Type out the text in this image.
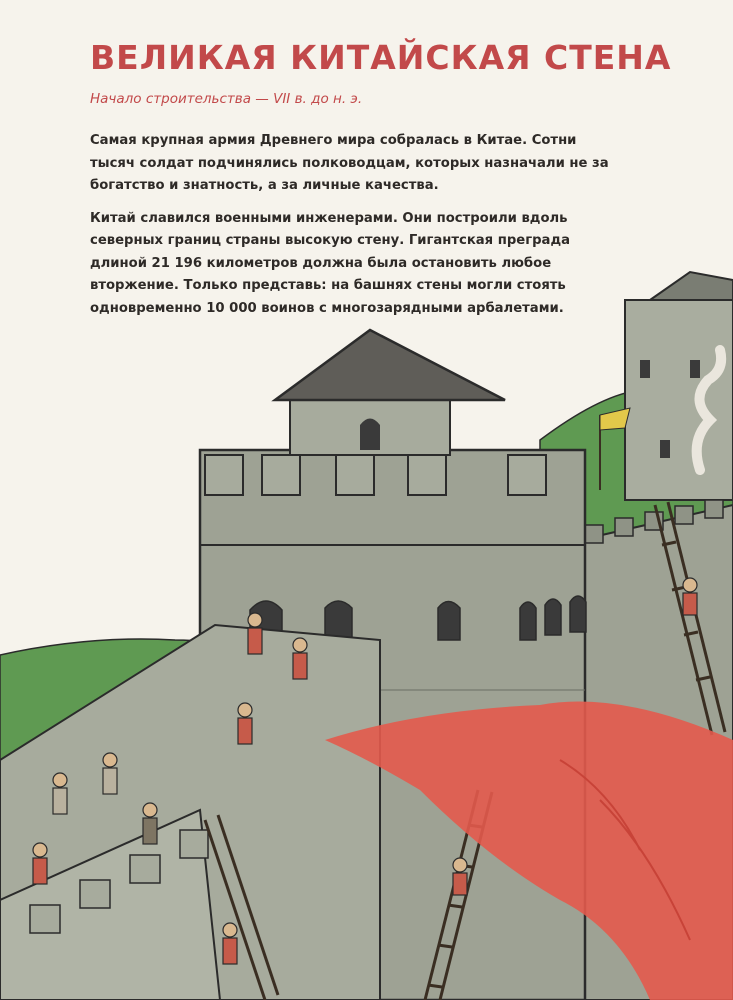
ВЕЛИКАЯ КИТАЙСКАЯ СТЕНА

Начало строительства — VII в. до н. э.

Самая крупная армия Древнего мира собралась в Китае. Сотни тысяч солдат подчинялись полководцам, которых назначали не за богатство и знатность, а за личные качества.

Китай славился военными инженерами. Они построили вдоль северных границ страны высокую стену. Гигантская преграда длиной 21 196 километров должна была остановить любое вторжение. Только представь: на башнях стены могли стоять одновременно 10 000 воинов с многозарядными арбалетами.
